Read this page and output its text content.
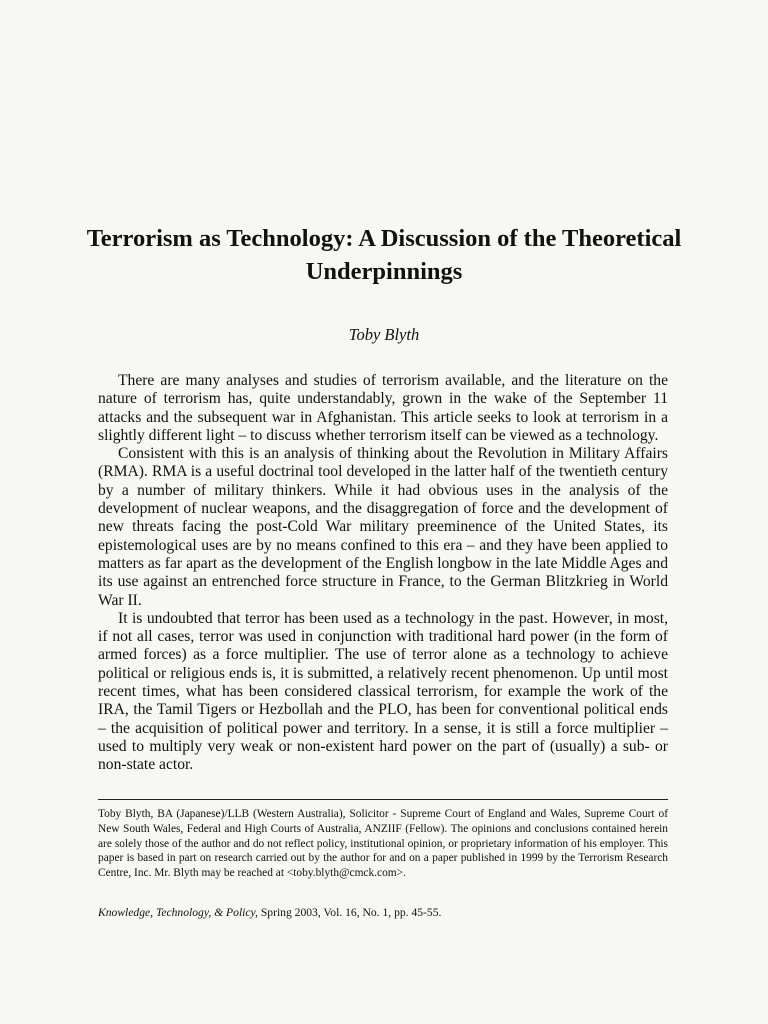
Terrorism as Technology: A Discussion of the Theoretical Underpinnings

Toby Blyth

There are many analyses and studies of terrorism available, and the literature on the nature of terrorism has, quite understandably, grown in the wake of the September 11 attacks and the subsequent war in Afghanistan. This article seeks to look at terrorism in a slightly different light – to discuss whether terrorism itself can be viewed as a technology.

Consistent with this is an analysis of thinking about the Revolution in Military Affairs (RMA). RMA is a useful doctrinal tool developed in the latter half of the twentieth century by a number of military thinkers. While it had obvious uses in the analysis of the development of nuclear weapons, and the disaggregation of force and the development of new threats facing the post-Cold War military preeminence of the United States, its epistemological uses are by no means confined to this era – and they have been applied to matters as far apart as the development of the English longbow in the late Middle Ages and its use against an entrenched force structure in France, to the German Blitzkrieg in World War II.

It is undoubted that terror has been used as a technology in the past. However, in most, if not all cases, terror was used in conjunction with traditional hard power (in the form of armed forces) as a force multiplier. The use of terror alone as a technology to achieve political or religious ends is, it is submitted, a relatively recent phenomenon. Up until most recent times, what has been considered classical terrorism, for example the work of the IRA, the Tamil Tigers or Hezbollah and the PLO, has been for conventional political ends – the acquisition of political power and territory. In a sense, it is still a force multiplier – used to multiply very weak or non-existent hard power on the part of (usually) a sub- or non-state actor.

Toby Blyth, BA (Japanese)/LLB (Western Australia), Solicitor - Supreme Court of England and Wales, Supreme Court of New South Wales, Federal and High Courts of Australia, ANZIIF (Fellow). The opinions and conclusions contained herein are solely those of the author and do not reflect policy, institutional opinion, or proprietary information of his employer. This paper is based in part on research carried out by the author for and on a paper published in 1999 by the Terrorism Research Centre, Inc. Mr. Blyth may be reached at <toby.blyth@cmck.com>.

Knowledge, Technology, & Policy, Spring 2003, Vol. 16, No. 1, pp. 45-55.
